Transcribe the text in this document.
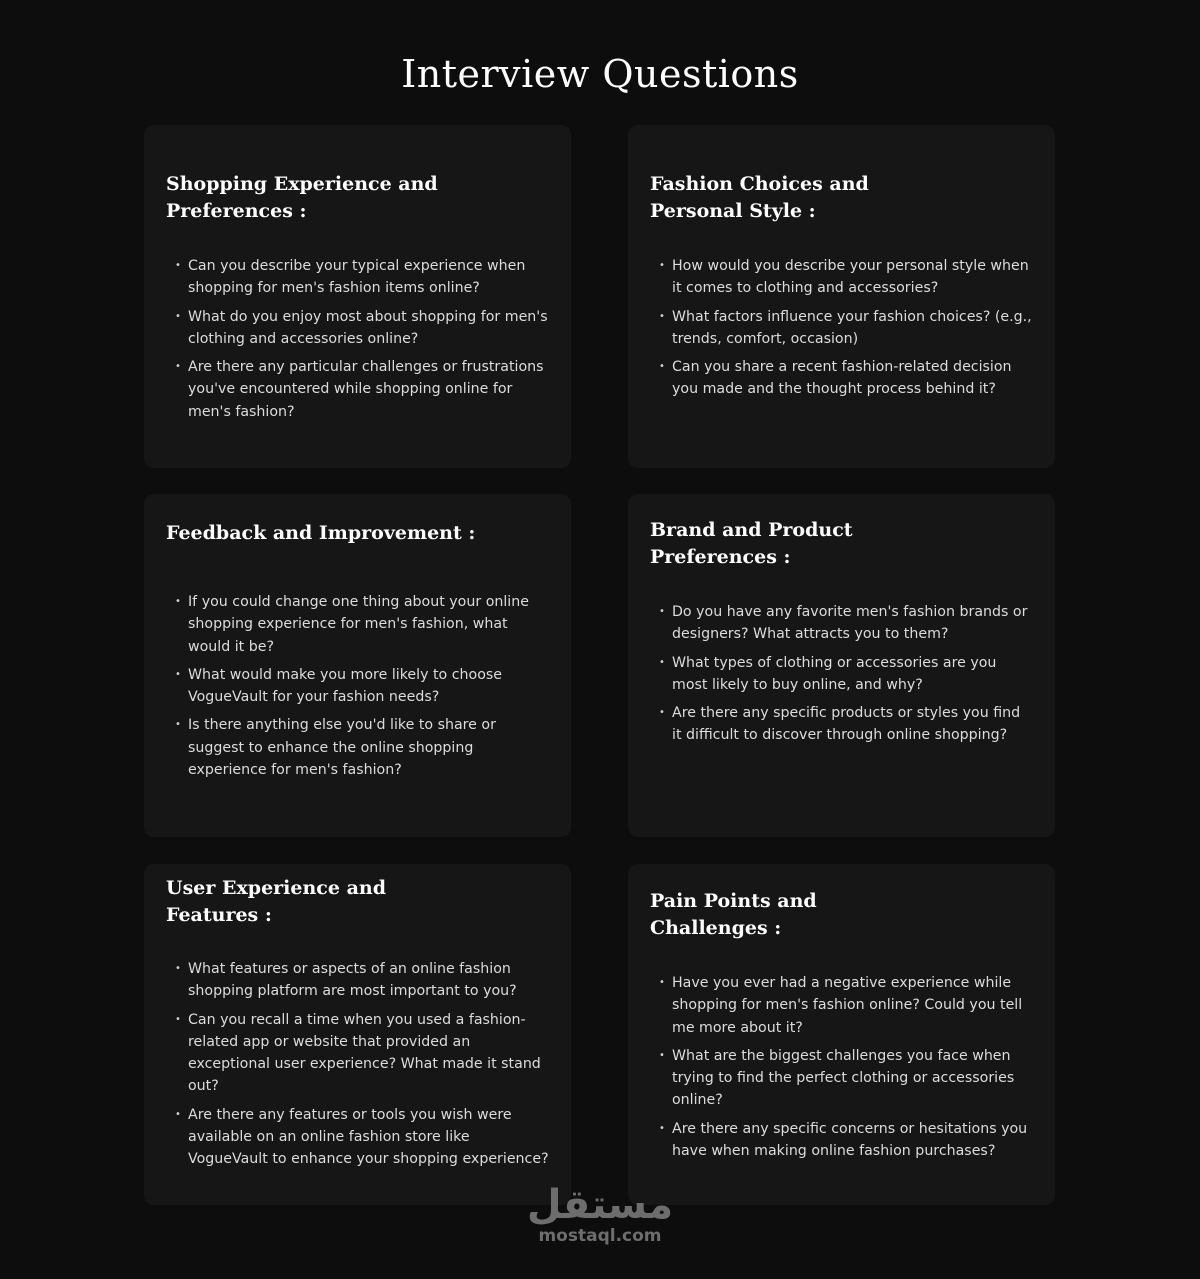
Interview Questions
Shopping Experience and
Preferences :
• Can you describe your typical experience when shopping for men's fashion items online?
• What do you enjoy most about shopping for men's clothing and accessories online?
• Are there any particular challenges or frustrations you've encountered while shopping online for men's fashion?
Fashion Choices and
Personal Style :
• How would you describe your personal style when it comes to clothing and accessories?
• What factors influence your fashion choices? (e.g., trends, comfort, occasion)
• Can you share a recent fashion-related decision you made and the thought process behind it?
Feedback and Improvement :
• If you could change one thing about your online shopping experience for men's fashion, what would it be?
• What would make you more likely to choose VogueVault for your fashion needs?
• Is there anything else you'd like to share or suggest to enhance the online shopping experience for men's fashion?
Brand and Product
Preferences :
• Do you have any favorite men's fashion brands or designers? What attracts you to them?
• What types of clothing or accessories are you most likely to buy online, and why?
• Are there any specific products or styles you find it difficult to discover through online shopping?
User Experience and
Features :
• What features or aspects of an online fashion shopping platform are most important to you?
• Can you recall a time when you used a fashion-related app or website that provided an exceptional user experience? What made it stand out?
• Are there any features or tools you wish were available on an online fashion store like VogueVault to enhance your shopping experience?
Pain Points and
Challenges :
• Have you ever had a negative experience while shopping for men's fashion online? Could you tell me more about it?
• What are the biggest challenges you face when trying to find the perfect clothing or accessories online?
• Are there any specific concerns or hesitations you have when making online fashion purchases?
مستقل
mostaql.com
